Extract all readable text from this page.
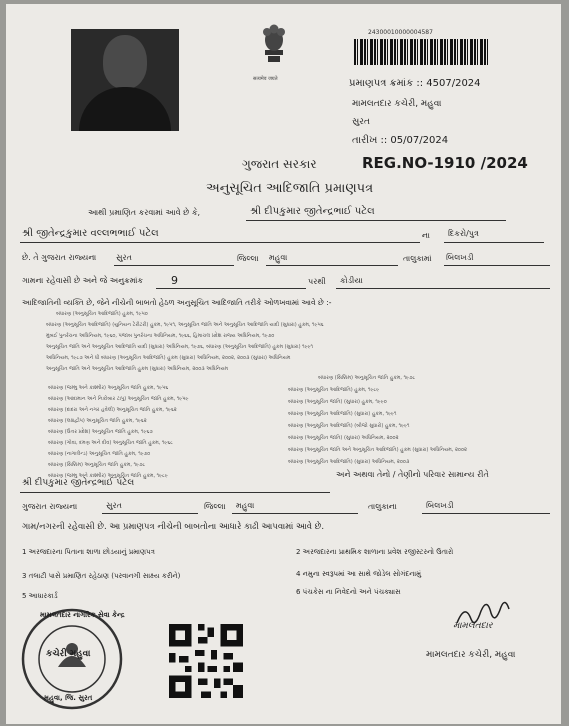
सत्यमेव जयते
24300010000004587
પ્રમાણપત્ર ક્રમાંક :: 4507/2024
મામલતદાર કચેરી, મહુવા
સુરત
તારીખ :: 05/07/2024
ગુજરાત સરકાર	REG.NO-1910 /2024
અનુસૂચિત આદિજાતિ પ્રમાણપત્ર
આથી પ્રમાણિત કરવામાં આવે છે કે,	શ્રી દીપકુમાર જીતેન્દ્રભાઈ પટેલ
શ્રી જીતેન્દ્રકુમાર વલ્લભભાઈ પટેલ	ના દિકરો/પુત્ર
છે. તે ગુજરાત રાજ્યના સુરત	જિલ્લા મહુવા	તાલુકામાં બિલખડી
ગામના રહેવાસી છે અને જે અનુક્રમાંક	9	પરથી કોડીયા
આદિજાતિની વ્યક્તિ છે, જેને નીચેની બાબતો હેઠળ અનુસૂચિત આદિજાતિ તરીકે ઓળખવામાં આવે છે :-
બંધારણ (અનુસૂચિત આદિજાતિ) હુકમ, ૧૯૫૦
બંધારણ (અનુસૂચિત આદિજાતિ) (યુનિયન ટેરીટરી) હુકમ, ૧૯૫૧, અનુસૂચિત જાતિ અને અનુસૂચિત આદિજાતિ યાદી (સુધારા) હુકમ, ૧૯૫૬
મુંબઈ પુનર્રચના અધિનિયમ, ૧૯૬૦, પંજાબ પુનર્રચના અધિનિયમ, ૧૯૬૬, હિમાચલ પ્રદેશ રાજ્ય અધિનિયમ, ૧૯૭૦
અનુસૂચિત જાતિ અને અનુસૂચિત આદિજાતિ યાદી (સુધારા) અધિનિયમ, ૧૯૭૬, બંધારણ (અનુસૂચિત આદિજાતિ) હુકમ (સુધારા) ૧૯૯૧
અધિનિયમ, ૧૯૮૭ અને ધી બંધારણ (અનુસૂચિત આદિજાતિ) હુકમ (સુધારા) અધિનિયમ, ૨૦૦૨, ૨૦૦૩ (સુધારા) અધિનિયમ
અનુસૂચિત જાતિ અને અનુસૂચિત આદિજાતિ હુકમ (સુધારા) અધિનિયમ, ૨૦૦૩ અધિનિયમ
બંધારણ (જમ્મુ અને કાશ્મીર) અનુસૂચિત જાતિ હુકમ, ૧૯૫૬
બંધારણ (આંદામાન અને નિકોબાર ટાપુ) અનુસૂચિત જાતિ હુકમ, ૧૯૫૯
બંધારણ (દાદરા અને નગર હવેલી) અનુસૂચિત જાતિ હુકમ, ૧૯૬૨
બંધારણ (લક્ષદ્વીપ) અનુસૂચિત જાતિ હુકમ, ૧૯૬૨
બંધારણ (ઉત્તર પ્રદેશ) અનુસૂચિત જાતિ હુકમ, ૧૯૬૭
બંધારણ (ગોવા, દમણ અને દીવ) અનુસૂચિત જાતિ હુકમ, ૧૯૬૮
બંધારણ (નાગાલેન્ડ) અનુસૂચિત જાતિ હુકમ, ૧૯૭૦
બંધારણ (સિક્કિમ) અનુસૂચિત જાતિ હુકમ, ૧૯૭૮
બંધારણ (જમ્મુ અને કાશ્મીર) અનુસૂચિત જાતિ હુકમ, ૧૯૮૯
બંધારણ (સિક્કિમ) અનુસૂચિત જાતિ હુકમ, ૧૯૭૮
બંધારણ (અનુસૂચિત આદિજાતિ) હુકમ, ૧૯૮૯
બંધારણ (અનુસૂચિત જાતિ) (સુધારા) હુકમ, ૧૯૯૦
બંધારણ (અનુસૂચિત આદિજાતિ) (સુધારા) હુકમ, ૧૯૯૧
બંધારણ (અનુસૂચિત આદિજાતિ) (બીજો સુધારો) હુકમ, ૧૯૯૧
બંધારણ (અનુસૂચિત જાતિ) (સુધારા) અધિનિયમ, ૨૦૦૨
બંધારણ (અનુસૂચિત જાતિ અને અનુસૂચિત આદિજાતિ) હુકમ (સુધારા) અધિનિયમ, ૨૦૦૨
બંધારણ (અનુસૂચિત આદિજાતિ) (સુધારા) અધિનિયમ, ૨૦૦૩
શ્રી દીપકુમાર જીતેન્દ્રભાઈ પટેલ
અને અથવા તેનો / તેણીનો પરિવાર સામાન્ય રીતે
ગુજરાત રાજ્યના	સુરત	જિલ્લા મહુવા	તાલુકાના	બિલખડી
ગામ/નગરની રહેવાસી છે. આ પ્રમાણપત્ર નીચેની બાબતોના આધારે કાઢી આપવામાં આવે છે.
1 અરજદારના પિતાના શાળા છોડયાનું પ્રમાણપત્ર	2 અરજદારના પ્રાથમિક શાળાના પ્રવેશ રજીસ્ટરનો ઉતારો
3 તલાટી પાસે પ્રમાણિત રહેઠાણ (પરવાનગી સાક્ષ્ય કરીને)	4 નમુના સ્વરૂપમાં આ સાથે જોડેલ સોગંદનામું
5 આધારકાર્ડ	6 પંચકેસ ના નિવેદનો અને પંચક્યાસ
મામલતદાર નાગરિક સેવા કેન્દ્ર
કચેરી મહુવા
મહુવા, જિ. સુરત
મામલતદાર
મામલતદાર કચેરી, મહુવા
